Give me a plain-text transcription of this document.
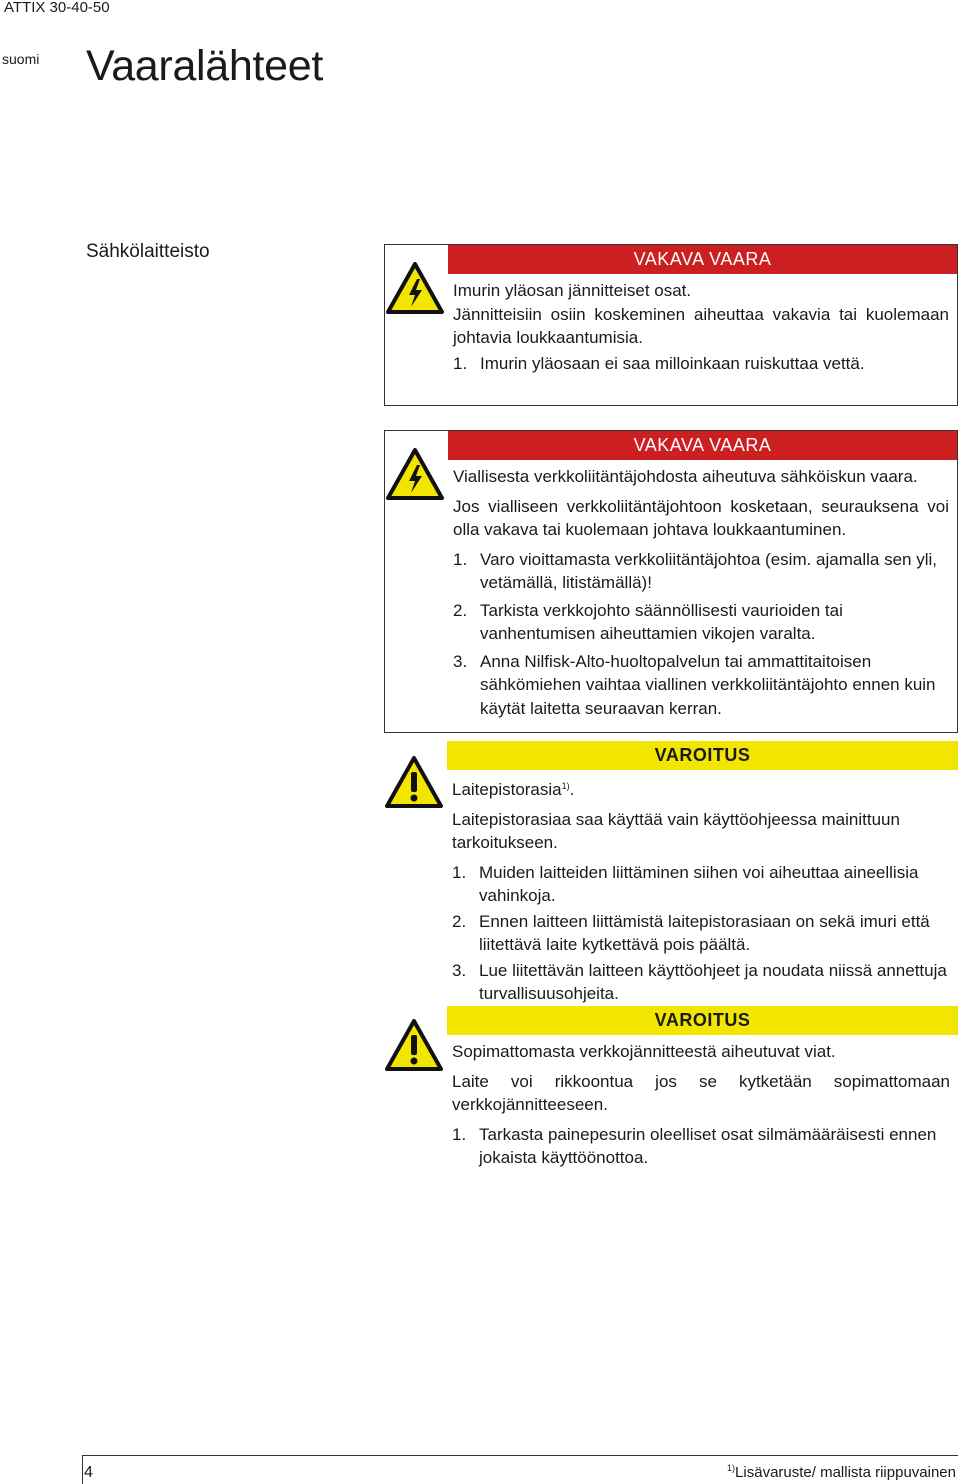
ATTIX 30-40-50
suomi Vaaralähteet
Sähkölaitteisto	VAKAVA VAARA

Imurin yläosan jännitteiset osat.

Jännitteisiin osiin koskeminen aiheuttaa vakavia tai kuolemaan johtavia loukkaantumisia.

1. Imurin yläosaan ei saa milloinkaan ruiskuttaa vettä.
VAKAVA VAARA

Viallisesta verkkoliitäntäjohdosta aiheutuva sähköiskun vaara.

Jos vialliseen verkkoliitäntäjohtoon kosketaan, seurauksena voi olla vakava tai kuolemaan johtava loukkaantuminen.

1. Varo vioittamasta verkkoliitäntäjohtoa (esim. ajamalla sen yli, vetämällä, litistämällä)!
2. Tarkista verkkojohto säännöllisesti vaurioiden tai vanhentumisen aiheuttamien vikojen varalta.
3. Anna Nilfisk-Alto-huoltopalvelun tai ammattitaitoisen sähkömiehen vaihtaa viallinen verkkoliitäntäjohto ennen kuin käytät laitetta seuraavan kerran.
VAROITUS

Laitepistorasia$^{1)}$.

Laitepistorasiaa saa käyttää vain käyttöohjeessa mainittuun tarkoitukseen.

1. Muiden laitteiden liittäminen siihen voi aiheuttaa aineellisia vahinkoja.
2. Ennen laitteen liittämistä laitepistorasiaan on sekä imuri että liitettävä laite kytkettävä pois päältä.
3. Lue liitettävän laitteen käyttöohjeet ja noudata niissä annettuja turvallisuusohjeita.
VAROITUS

Sopimattomasta verkkojännitteestä aiheutuvat viat.

Laite voi rikkoontua jos se kytketään sopimattomaan verkkojännitteeseen.

1. Tarkasta painepesurin oleelliset osat silmämääräisesti ennen jokaista käyttöönottoa.
4	$^{1)}$Lisävaruste/ mallista riippuvainen
